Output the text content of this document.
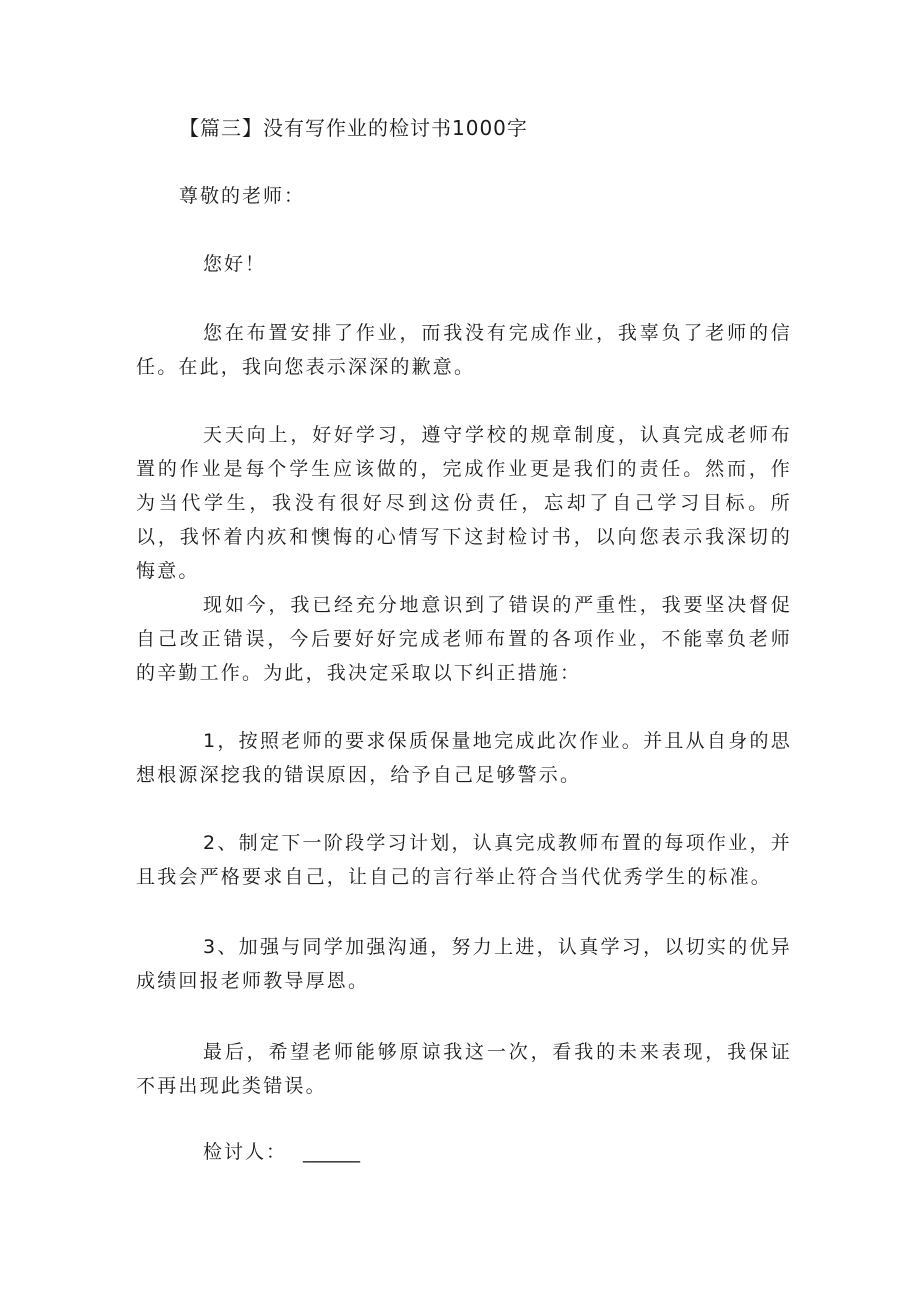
【篇三】没有写作业的检讨书1000字
尊敬的老师：
您好！

您在布置安排了作业，而我没有完成作业，我辜负了老师的信任。在此，我向您表示深深的歉意。

天天向上，好好学习，遵守学校的规章制度，认真完成老师布置的作业是每个学生应该做的，完成作业更是我们的责任。然而，作为当代学生，我没有很好尽到这份责任，忘却了自己学习目标。所以，我怀着内疚和懊悔的心情写下这封检讨书，以向您表示我深切的悔意。

现如今，我已经充分地意识到了错误的严重性，我要坚决督促自己改正错误，今后要好好完成老师布置的各项作业，不能辜负老师的辛勤工作。为此，我决定采取以下纠正措施：

1，按照老师的要求保质保量地完成此次作业。并且从自身的思想根源深挖我的错误原因，给予自己足够警示。

2、制定下一阶段学习计划，认真完成教师布置的每项作业，并且我会严格要求自己，让自己的言行举止符合当代优秀学生的标准。

3、加强与同学加强沟通，努力上进，认真学习，以切实的优异成绩回报老师教导厚恩。

最后，希望老师能够原谅我这一次，看我的未来表现，我保证不再出现此类错误。

检讨人： ______
